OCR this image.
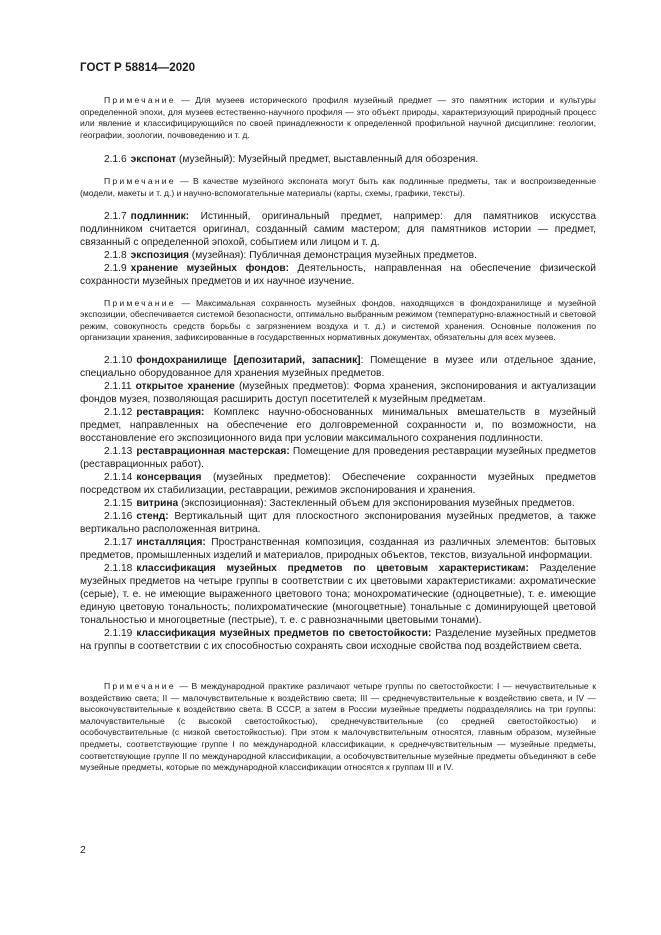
ГОСТ Р 58814—2020

Примечание — Для музеев исторического профиля музейный предмет — это памятник истории и культуры определенной эпохи, для музеев естественно-научного профиля — это объект природы, характеризующий природный процесс или явление и классифицирующийся по своей принадлежности к определенной профильной научной дисциплине: геологии, географии, зоологии, почвоведению и т. д.

2.1.6 экспонат (музейный): Музейный предмет, выставленный для обозрения.

Примечание — В качестве музейного экспоната могут быть как подлинные предметы, так и воспроизведенные (модели, макеты и т. д.) и научно-вспомогательные материалы (карты, схемы, графики, тексты).

2.1.7 подлинник: Истинный, оригинальный предмет, например: для памятников искусства подлинником считается оригинал, созданный самим мастером; для памятников истории — предмет, связанный с определенной эпохой, событием или лицом и т. д.

2.1.8 экспозиция (музейная): Публичная демонстрация музейных предметов.

2.1.9 хранение музейных фондов: Деятельность, направленная на обеспечение физической сохранности музейных предметов и их научное изучение.

Примечание — Максимальная сохранность музейных фондов, находящихся в фондохранилище и музейной экспозиции, обеспечивается системой безопасности, оптимально выбранным режимом (температурно-влажностный и световой режим, совокупность средств борьбы с загрязнением воздуха и т. д.) и системой хранения. Основные положения по организации хранения, зафиксированные в государственных нормативных документах, обязательны для всех музеев.

2.1.10 фондохранилище [депозитарий, запасник]: Помещение в музее или отдельное здание, специально оборудованное для хранения музейных предметов.

2.1.11 открытое хранение (музейных предметов): Форма хранения, экспонирования и актуализации фондов музея, позволяющая расширить доступ посетителей к музейным предметам.

2.1.12 реставрация: Комплекс научно-обоснованных минимальных вмешательств в музейный предмет, направленных на обеспечение его долговременной сохранности и, по возможности, на восстановление его экспозиционного вида при условии максимального сохранения подлинности.

2.1.13 реставрационная мастерская: Помещение для проведения реставрации музейных предметов (реставрационных работ).

2.1.14 консервация (музейных предметов): Обеспечение сохранности музейных предметов посредством их стабилизации, реставрации, режимов экспонирования и хранения.

2.1.15 витрина (экспозиционная): Застекленный объем для экспонирования музейных предметов.

2.1.16 стенд: Вертикальный щит для плоскостного экспонирования музейных предметов, а также вертикально расположенная витрина.

2.1.17 инсталляция: Пространственная композиция, созданная из различных элементов: бытовых предметов, промышленных изделий и материалов, природных объектов, текстов, визуальной информации.

2.1.18 классификация музейных предметов по цветовым характеристикам: Разделение музейных предметов на четыре группы в соответствии с их цветовыми характеристиками: ахроматические (серые), т. е. не имеющие выраженного цветового тона; монохроматические (одноцветные), т. е. имеющие единую цветовую тональность; полихроматические (многоцветные) тональные с доминирующей цветовой тональностью и многоцветные (пестрые), т. е. с равнозначными цветовыми тонами).

2.1.19 классификация музейных предметов по светостойкости: Разделение музейных предметов на группы в соответствии с их способностью сохранять свои исходные свойства под воздействием света.

Примечание — В международной практике различают четыре группы по светостойкости: I — нечувствительные к воздействию света; II — малочувствительные к воздействию света; III — среднечувствительные к воздействию света, и IV — высокочувствительные к воздействию света. В СССР, а затем в России музейные предметы подразделялись на три группы: малочувствительные (с высокой светостойкостью), среднечувствительные (со средней светостойкостью) и особочувствительные (с низкой светостойкостью). При этом к малочувствительным относятся, главным образом, музейные предметы, соответствующие группе I по международной классификации, к среднечувствительным — музейные предметы, соответствующие группе II по международной классификации, а особочувствительные музейные предметы объединяют в себе музейные предметы, которые по международной классификации относятся к группам III и IV.

2
